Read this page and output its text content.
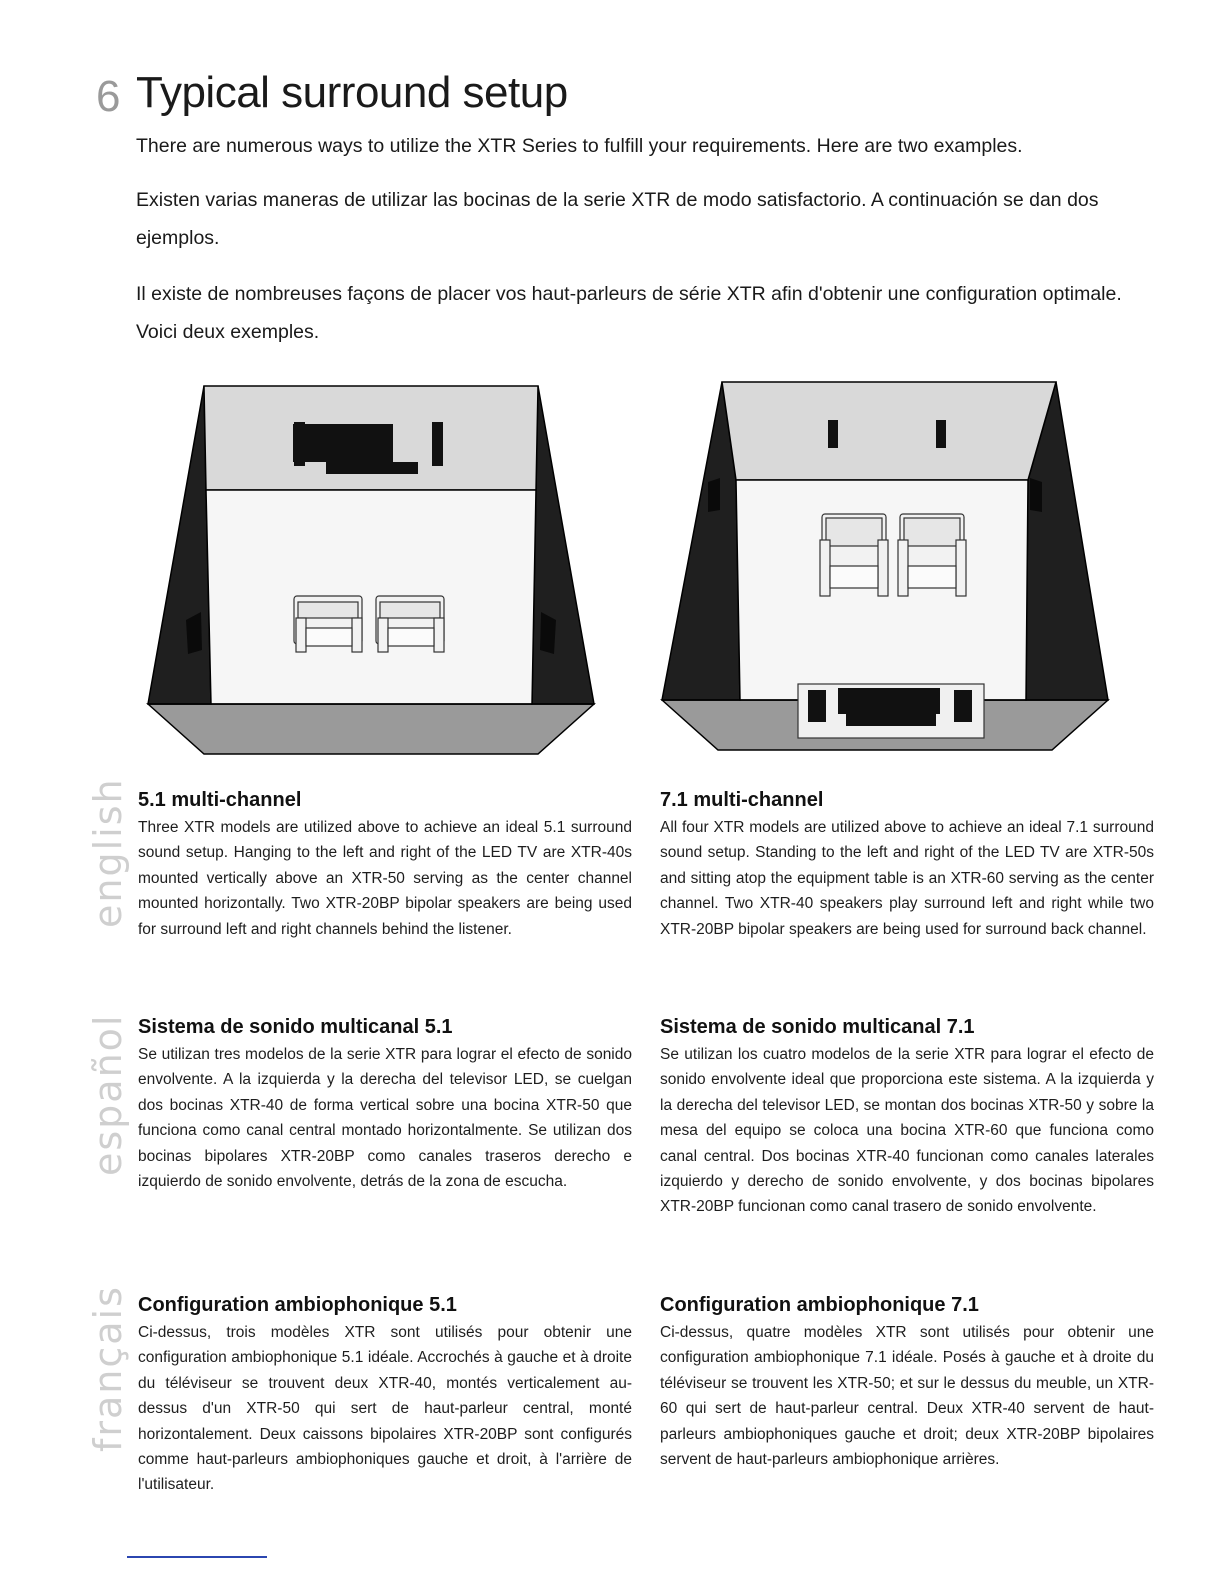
6 Typical surround setup

There are numerous ways to utilize the XTR Series to fulfill your requirements. Here are two examples.

Existen varias maneras de utilizar las bocinas de la serie XTR de modo satisfactorio. A continuación se dan dos ejemplos.

Il existe de nombreuses façons de placer vos haut-parleurs de série XTR afin d'obtenir une configuration optimale. Voici deux exemples.

english
español
français
5.1 multi-channel

Three XTR models are utilized above to achieve an ideal 5.1 surround sound setup. Hanging to the left and right of the LED TV are XTR-40s mounted vertically above an XTR-50 serving as the center channel mounted horizontally. Two XTR-20BP bipolar speakers are being used for surround left and right channels behind the listener.

7.1 multi-channel

All four XTR models are utilized above to achieve an ideal 7.1 surround sound setup. Standing to the left and right of the LED TV are XTR-50s and sitting atop the equipment table is an XTR-60 serving as the center channel. Two XTR-40 speakers play surround left and right while two XTR-20BP bipolar speakers are being used for surround back channel.

Sistema de sonido multicanal 5.1

Se utilizan tres modelos de la serie XTR para lograr el efecto de sonido envolvente. A la izquierda y la derecha del televisor LED, se cuelgan dos bocinas XTR-40 de forma vertical sobre una bocina XTR-50 que funciona como canal central montado horizontalmente. Se utilizan dos bocinas bipolares XTR-20BP como canales traseros derecho e izquierdo de sonido envolvente, detrás de la zona de escucha.

Sistema de sonido multicanal 7.1

Se utilizan los cuatro modelos de la serie XTR para lograr el efecto de sonido envolvente ideal que proporciona este sistema. A la izquierda y la derecha del televisor LED, se montan dos bocinas XTR-50 y sobre la mesa del equipo se coloca una bocina XTR-60 que funciona como canal central. Dos bocinas XTR-40 funcionan como canales laterales izquierdo y derecho de sonido envolvente, y dos bocinas bipolares XTR-20BP funcionan como canal trasero de sonido envolvente.

Configuration ambiophonique 5.1

Ci-dessus, trois modèles XTR sont utilisés pour obtenir une configuration ambiophonique 5.1 idéale. Accrochés à gauche et à droite du téléviseur se trouvent deux XTR-40, montés verticalement au-dessus d'un XTR-50 qui sert de haut-parleur central, monté horizontalement. Deux caissons bipolaires XTR-20BP sont configurés comme haut-parleurs ambiophoniques gauche et droit, à l'arrière de l'utilisateur.

Configuration ambiophonique 7.1

Ci-dessus, quatre modèles XTR sont utilisés pour obtenir une configuration ambiophonique 7.1 idéale. Posés à gauche et à droite du téléviseur se trouvent les XTR-50; et sur le dessus du meuble, un XTR-60 qui sert de haut-parleur central. Deux XTR-40 servent de haut-parleurs ambiophoniques gauche et droit; deux XTR-20BP bipolaires servent de haut-parleurs ambiophonique arrières.
